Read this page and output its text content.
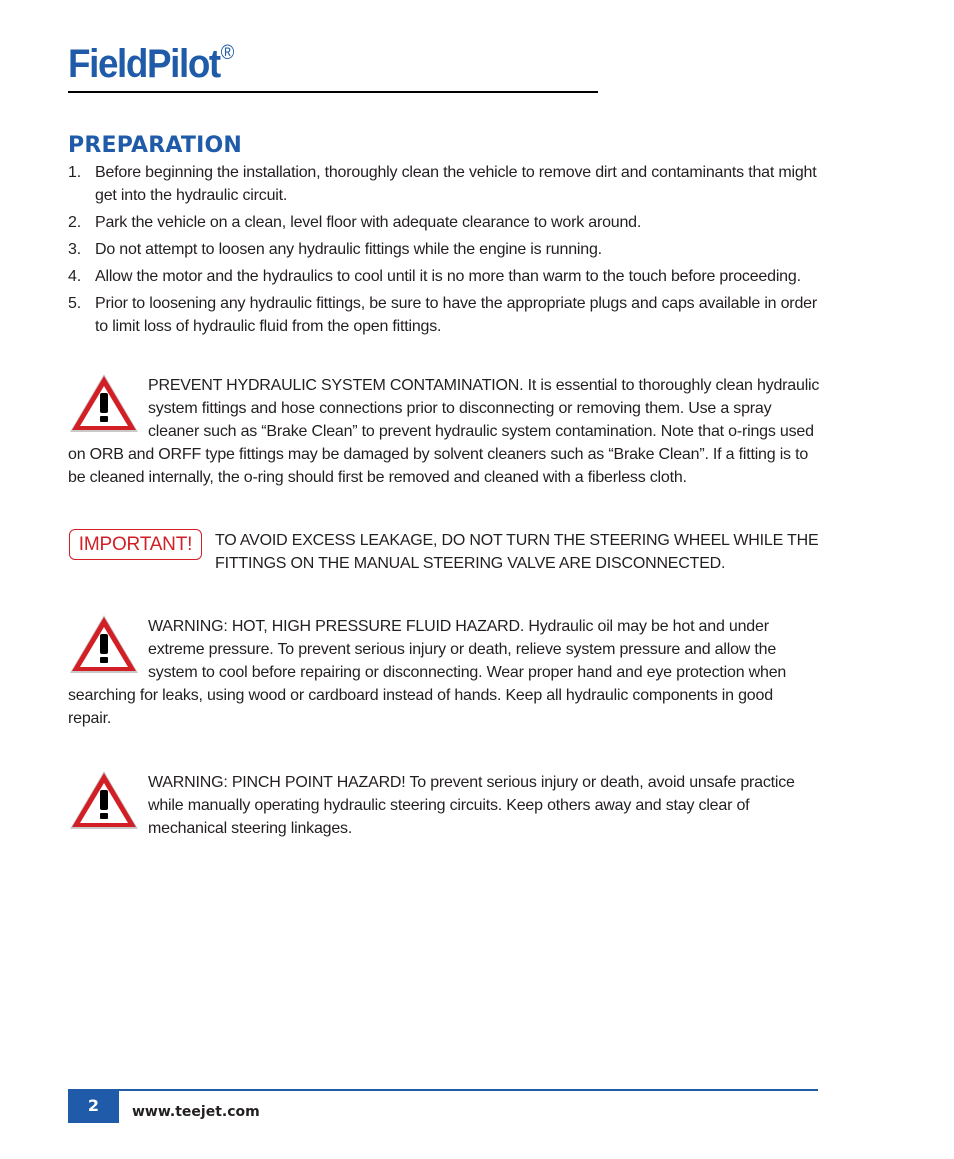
FieldPilot®
PREPARATION
1. Before beginning the installation, thoroughly clean the vehicle to remove dirt and contaminants that might get into the hydraulic circuit.
2. Park the vehicle on a clean, level floor with adequate clearance to work around.
3. Do not attempt to loosen any hydraulic fittings while the engine is running.
4. Allow the motor and the hydraulics to cool until it is no more than warm to the touch before proceeding.
5. Prior to loosening any hydraulic fittings, be sure to have the appropriate plugs and caps available in order to limit loss of hydraulic fluid from the open fittings.
PREVENT HYDRAULIC SYSTEM CONTAMINATION. It is essential to thoroughly clean hydraulic system fittings and hose connections prior to disconnecting or removing them. Use a spray cleaner such as “Brake Clean” to prevent hydraulic system contamination. Note that o-rings used on ORB and ORFF type fittings may be damaged by solvent cleaners such as “Brake Clean”. If a fitting is to be cleaned internally, the o-ring should first be removed and cleaned with a fiberless cloth.
IMPORTANT!	TO AVOID EXCESS LEAKAGE, DO NOT TURN THE STEERING WHEEL WHILE THE FITTINGS ON THE MANUAL STEERING VALVE ARE DISCONNECTED.
WARNING: HOT, HIGH PRESSURE FLUID HAZARD. Hydraulic oil may be hot and under extreme pressure. To prevent serious injury or death, relieve system pressure and allow the system to cool before repairing or disconnecting. Wear proper hand and eye protection when searching for leaks, using wood or cardboard instead of hands. Keep all hydraulic components in good repair.
WARNING: PINCH POINT HAZARD! To prevent serious injury or death, avoid unsafe practice while manually operating hydraulic steering circuits. Keep others away and stay clear of mechanical steering linkages.
2	www.teejet.com
